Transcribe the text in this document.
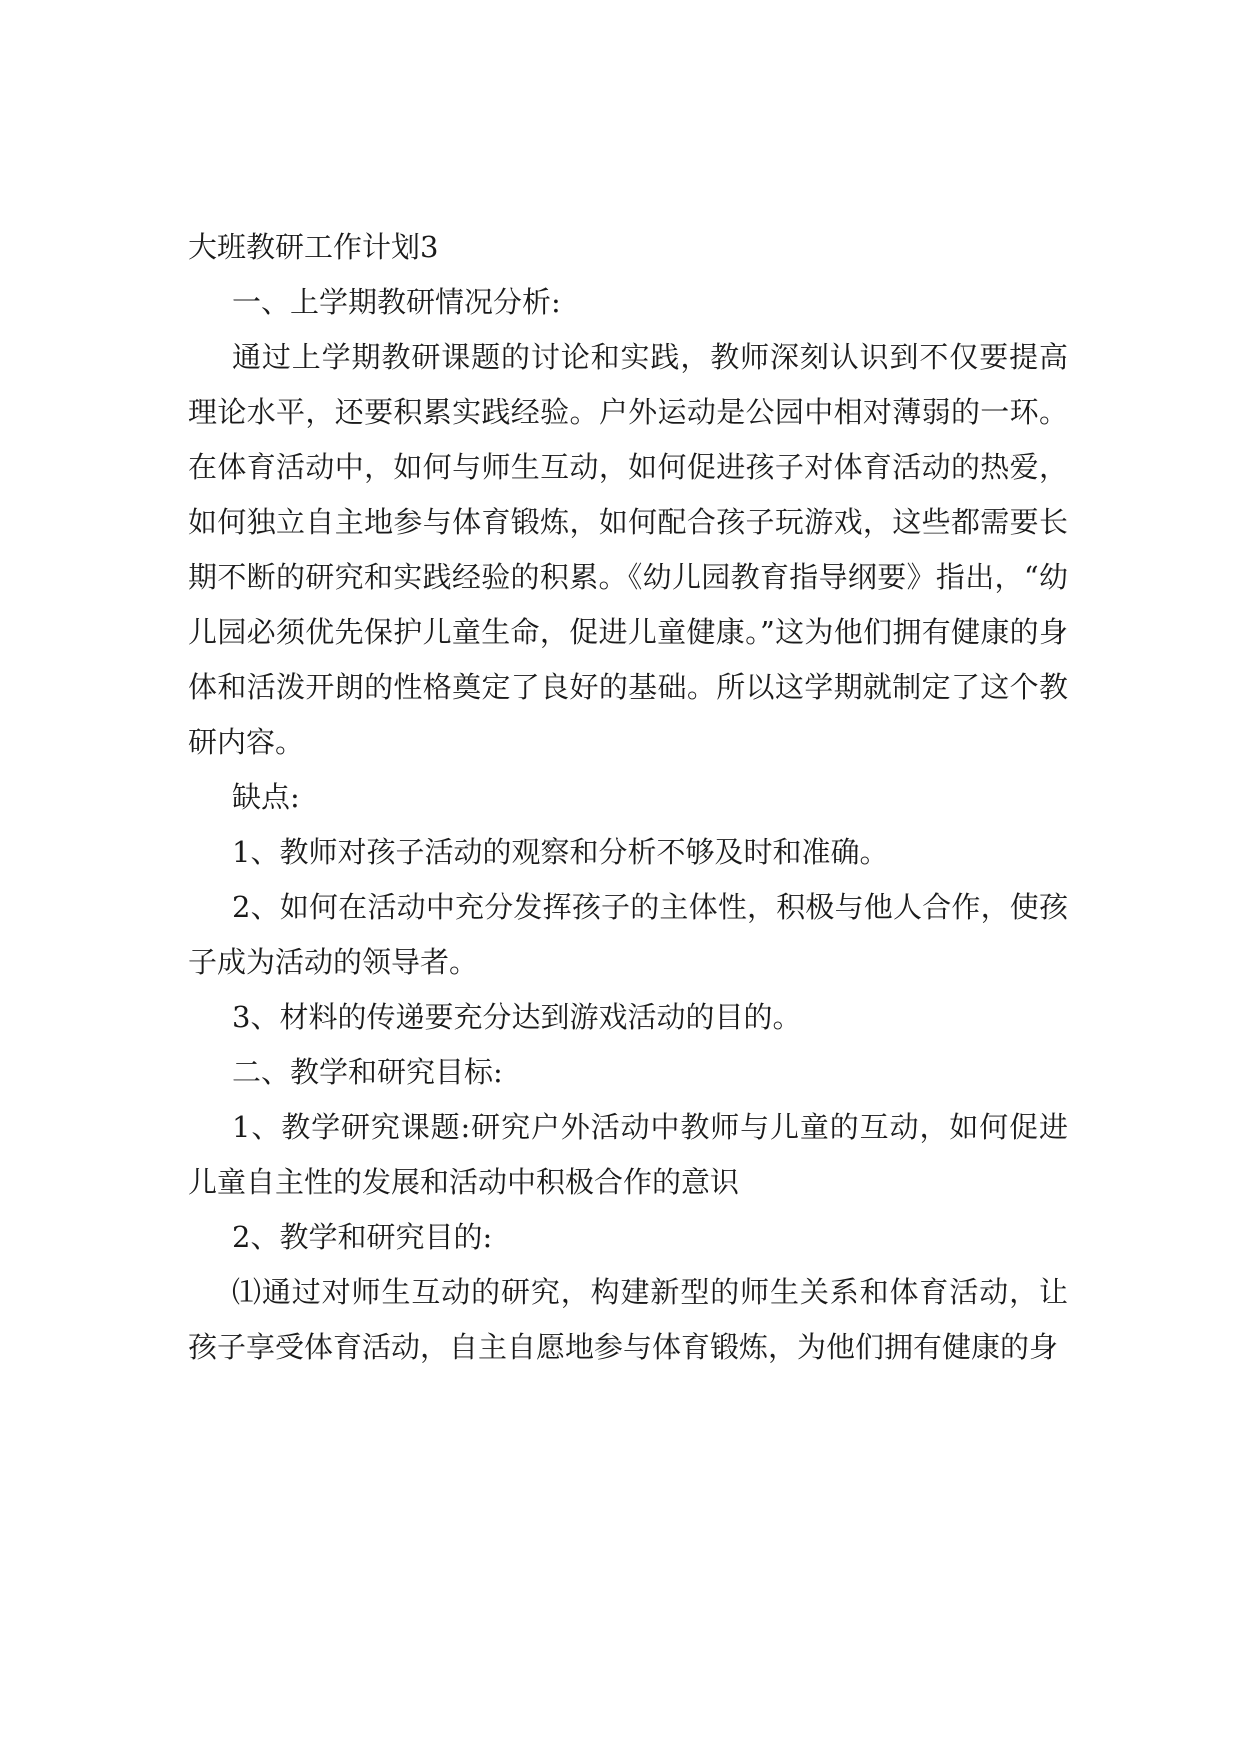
大班教研工作计划3

一、上学期教研情况分析:

通过上学期教研课题的讨论和实践，教师深刻认识到不仅要提高理论水平，还要积累实践经验。户外运动是公园中相对薄弱的一环。在体育活动中，如何与师生互动，如何促进孩子对体育活动的热爱，如何独立自主地参与体育锻炼，如何配合孩子玩游戏，这些都需要长期不断的研究和实践经验的积累。《幼儿园教育指导纲要》指出，“幼儿园必须优先保护儿童生命，促进儿童健康。”这为他们拥有健康的身体和活泼开朗的性格奠定了良好的基础。所以这学期就制定了这个教研内容。

缺点:

1、教师对孩子活动的观察和分析不够及时和准确。

2、如何在活动中充分发挥孩子的主体性，积极与他人合作，使孩子成为活动的领导者。

3、材料的传递要充分达到游戏活动的目的。

二、教学和研究目标:

1、教学研究课题:研究户外活动中教师与儿童的互动，如何促进儿童自主性的发展和活动中积极合作的意识

2、教学和研究目的:

⑴通过对师生互动的研究，构建新型的师生关系和体育活动，让孩子享受体育活动，自主自愿地参与体育锻炼，为他们拥有健康的身
